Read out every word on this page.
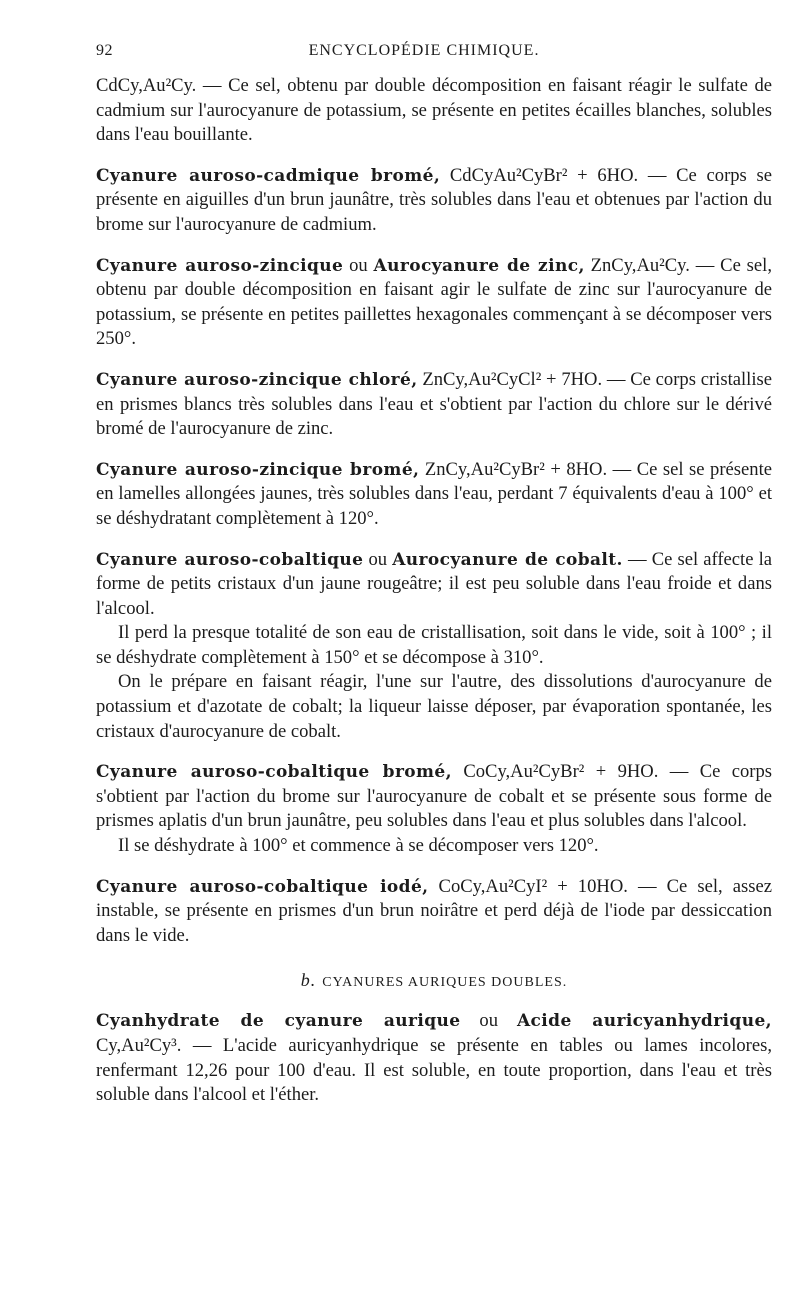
92	ENCYCLOPÉDIE CHIMIQUE.

CdCy,Au²Cy. — Ce sel, obtenu par double décomposition en faisant réagir le sulfate de cadmium sur l'aurocyanure de potassium, se présente en petites écailles blanches, solubles dans l'eau bouillante.

Cyanure auroso-cadmique bromé, CdCyAu²CyBr² + 6HO. — Ce corps se présente en aiguilles d'un brun jaunâtre, très solubles dans l'eau et obtenues par l'action du brome sur l'aurocyanure de cadmium.

Cyanure auroso-zincique ou Aurocyanure de zinc, ZnCy,Au²Cy. — Ce sel, obtenu par double décomposition en faisant agir le sulfate de zinc sur l'aurocyanure de potassium, se présente en petites paillettes hexagonales commençant à se décomposer vers 250°.

Cyanure auroso-zincique chloré, ZnCy,Au²CyCl² + 7HO. — Ce corps cristallise en prismes blancs très solubles dans l'eau et s'obtient par l'action du chlore sur le dérivé bromé de l'aurocyanure de zinc.

Cyanure auroso-zincique bromé, ZnCy,Au²CyBr² + 8HO. — Ce sel se présente en lamelles allongées jaunes, très solubles dans l'eau, perdant 7 équivalents d'eau à 100° et se déshydratant complètement à 120°.

Cyanure auroso-cobaltique ou Aurocyanure de cobalt. — Ce sel affecte la forme de petits cristaux d'un jaune rougeâtre; il est peu soluble dans l'eau froide et dans l'alcool.

Il perd la presque totalité de son eau de cristallisation, soit dans le vide, soit à 100° ; il se déshydrate complètement à 150° et se décompose à 310°.

On le prépare en faisant réagir, l'une sur l'autre, des dissolutions d'aurocyanure de potassium et d'azotate de cobalt; la liqueur laisse déposer, par évaporation spontanée, les cristaux d'aurocyanure de cobalt.

Cyanure auroso-cobaltique bromé, CoCy,Au²CyBr² + 9HO. — Ce corps s'obtient par l'action du brome sur l'aurocyanure de cobalt et se présente sous forme de prismes aplatis d'un brun jaunâtre, peu solubles dans l'eau et plus solubles dans l'alcool.

Il se déshydrate à 100° et commence à se décomposer vers 120°.

Cyanure auroso-cobaltique iodé, CoCy,Au²CyI² + 10HO. — Ce sel, assez instable, se présente en prismes d'un brun noirâtre et perd déjà de l'iode par dessiccation dans le vide.

b. CYANURES AURIQUES DOUBLES.

Cyanhydrate de cyanure aurique ou Acide auricyanhydrique, Cy,Au²Cy³. — L'acide auricyanhydrique se présente en tables ou lames incolores, renfermant 12,26 pour 100 d'eau. Il est soluble, en toute proportion, dans l'eau et très soluble dans l'alcool et l'éther.
